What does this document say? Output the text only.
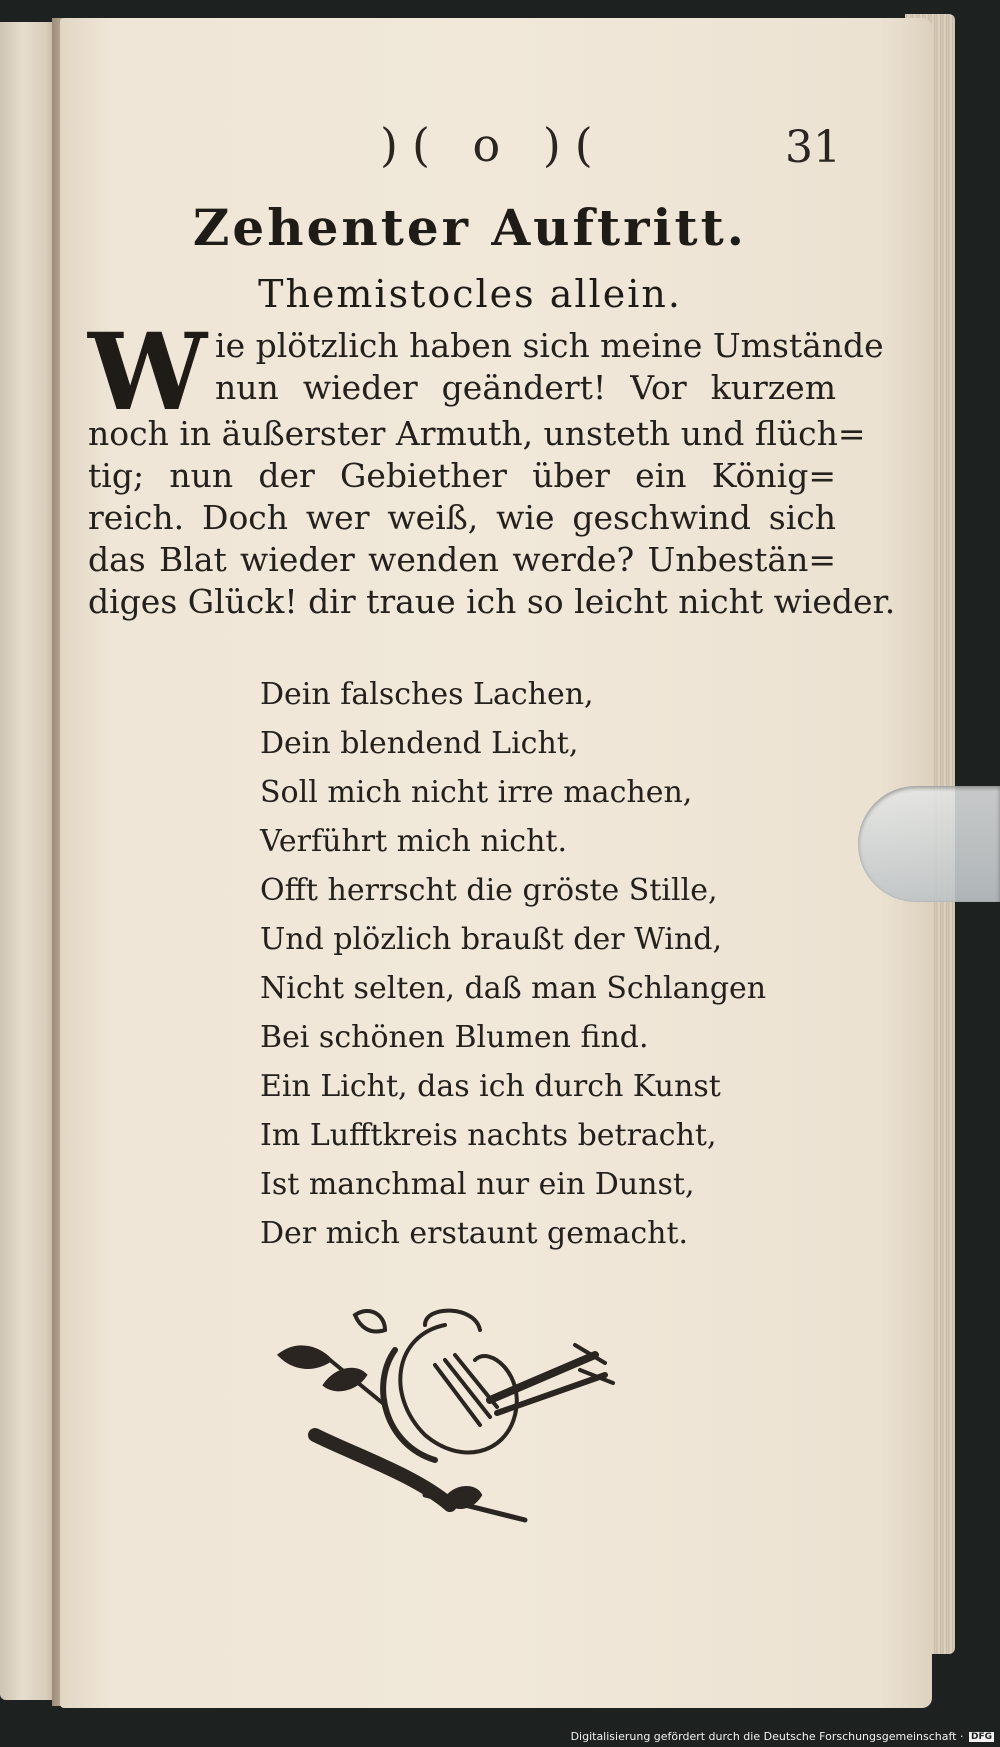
)( o )(	31
Zehenter Auftritt.
Themistocles allein.
W ie plötzlich haben sich meine Umstände
nun wieder geändert! Vor kurzem
noch in äußerster Armuth, unsteth und flüch=
tig; nun der Gebiether über ein König=
reich. Doch wer weiß, wie geschwind sich
das Blat wieder wenden werde? Unbestän=
diges Glück! dir traue ich so leicht nicht wieder.
Dein falsches Lachen,
Dein blendend Licht,
Soll mich nicht irre machen,
Verführt mich nicht.
Offt herrscht die gröste Stille,
Und plözlich braußt der Wind,
Nicht selten, daß man Schlangen
Bei schönen Blumen find.
Ein Licht, das ich durch Kunst
Im Lufftkreis nachts betracht,
Ist manchmal nur ein Dunst,
Der mich erstaunt gemacht.
Digitalisierung gefördert durch die Deutsche Forschungsgemeinschaft · DFG
